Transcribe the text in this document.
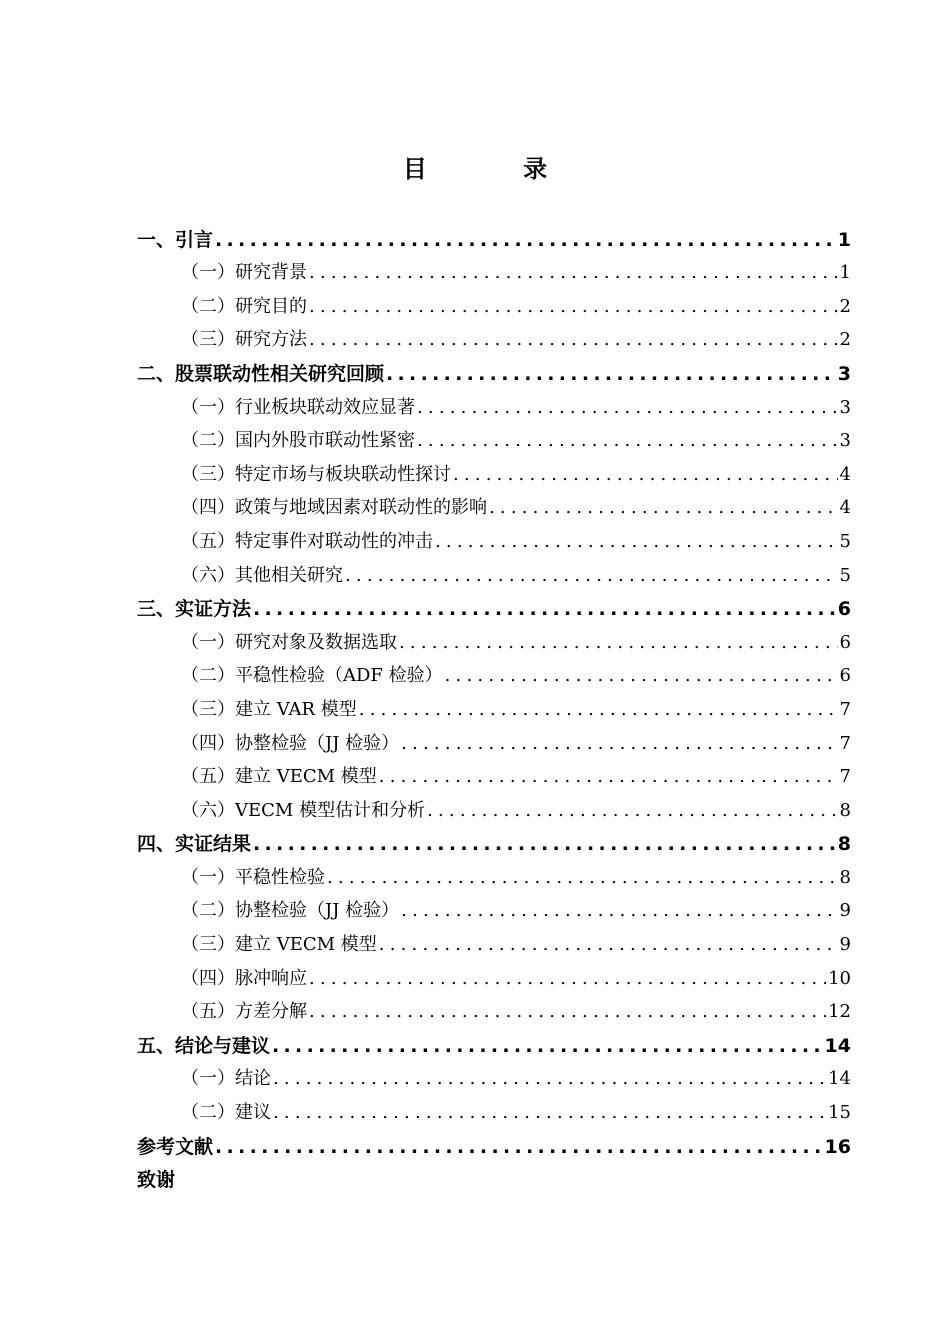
目 录
一、引言 .....	1
（一）研究背景 .....	1
（二）研究目的 .....	2
（三）研究方法 .....	2
二、股票联动性相关研究回顾 .....	3
（一）行业板块联动效应显著 .....	3
（二）国内外股市联动性紧密 .....	3
（三）特定市场与板块联动性探讨 .....	4
（四）政策与地域因素对联动性的影响 .....	4
（五）特定事件对联动性的冲击 .....	5
（六）其他相关研究 .....	5
三、实证方法 .....	6
（一）研究对象及数据选取 .....	6
（二）平稳性检验（ADF 检验） .....	6
（三）建立 VAR 模型 .....	7
（四）协整检验（JJ 检验） .....	7
（五）建立 VECM 模型 .....	7
（六）VECM 模型估计和分析 .....	8
四、实证结果 .....	8
（一）平稳性检验 .....	8
（二）协整检验（JJ 检验） .....	9
（三）建立 VECM 模型 .....	9
（四）脉冲响应 .....	10
（五）方差分解 .....	12
五、结论与建议 .....	14
（一）结论 .....	14
（二）建议 .....	15
参考文献 .....	16
致谢
